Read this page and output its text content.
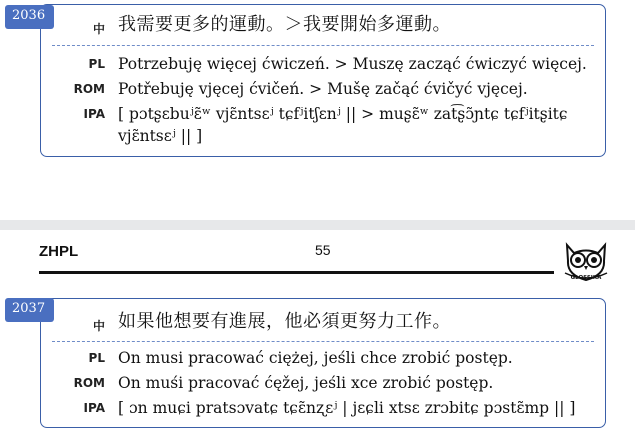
中 我需要更多的運動。＞我要開始多運動。
PL Potrzebuję więcej ćwiczeń. > Muszę zacząć ćwiczyć więcej.
ROM Potřebuję vjęcej ćvičeń. > Mušę začąć ćvičyć vjęcej.
IPA [ pɔtʂɛbuʲɛ̃ʷ vjɛ̃ntsɛʲ tɕfʲitʃɛnʲ || > muʂɛ̃ʷ zat͡ʂɔ̃ɲtɕ tɕfʲitʂitɕ vjɛ̃ntsɛʲ || ]
2036
ZHPL	55
GLOSSIKA
中 如果他想要有進展，他必須更努力工作。
PL On musi pracować ciężej, jeśli chce zrobić postęp.
ROM On muśi pracovać ćęžej, jeśli xce zrobić postęp.
IPA [ ɔn muɕi pratsɔvatɕ tɕɛ̃nʐɛʲ | jɛɕli xtsɛ zrɔbitɕ pɔstɛ̃mp || ]
2037
